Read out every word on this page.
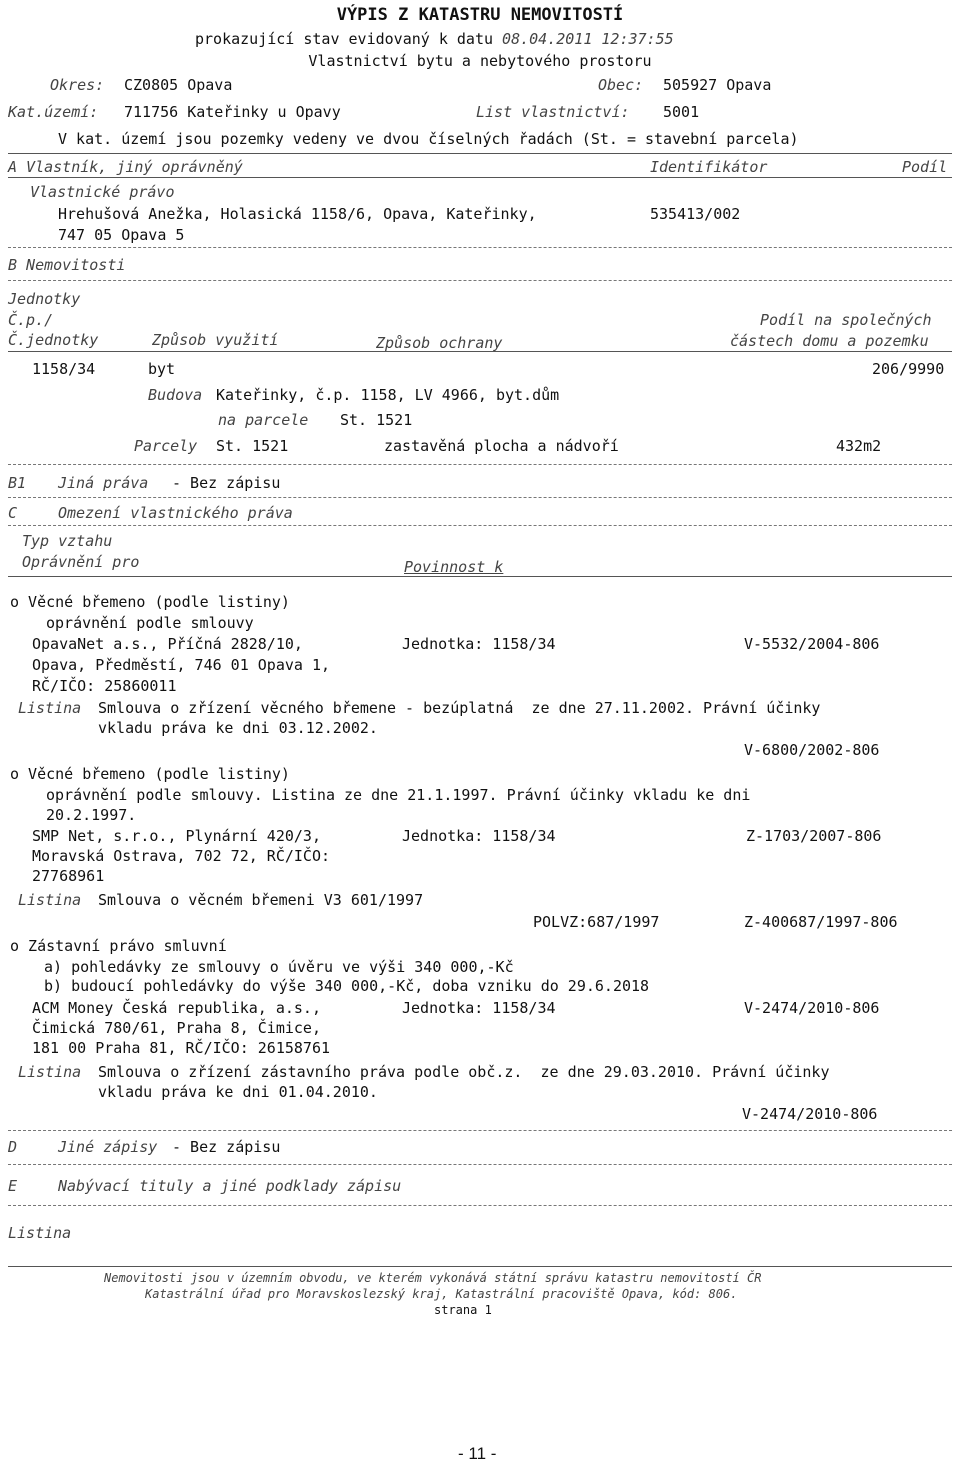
VÝPIS Z KATASTRU NEMOVITOSTÍ
prokazující stav evidovaný k datu 08.04.2011 12:37:55
Vlastnictví bytu a nebytového prostoru
Okres: CZ0805 Opava	Obec: 505927 Opava
Kat.území: 711756 Kateřinky u Opavy	List vlastnictví: 5001
V kat. území jsou pozemky vedeny ve dvou číselných řadách (St. = stavební parcela)
A Vlastník, jiný oprávněný	Identifikátor	Podíl
Vlastnické právo
Hrehušová Anežka, Holasická 1158/6, Opava, Kateřinky,
747 05 Opava 5
535413/002
B Nemovitosti
Jednotky
Č.p./
Č.jednotky	Způsob využití	Způsob ochrany
Podíl na společných
částech domu a pozemku
1158/34	byt	206/9990
Budova Kateřinky, č.p. 1158, LV 4966, byt.dům
na parcele St. 1521
Parcely St. 1521	zastavěná plocha a nádvoří	432m2
B1 Jiná práva - Bez zápisu
C	Omezení vlastnického práva
Typ vztahu
Oprávnění pro	Povinnost k
o Věcné břemeno (podle listiny)
oprávnění podle smlouvy
OpavaNet a.s., Příčná 2828/10,
Opava, Předměstí, 746 01 Opava 1,
RČ/IČO: 25860011
Jednotka: 1158/34	V-5532/2004-806
Listina Smlouva o zřízení věcného břemene - bezúplatná  ze dne 27.11.2002. Právní účinky
vkladu práva ke dni 03.12.2002.
V-6800/2002-806
o Věcné břemeno (podle listiny)
oprávnění podle smlouvy. Listina ze dne 21.1.1997. Právní účinky vkladu ke dni
20.2.1997.
SMP Net, s.r.o., Plynární 420/3,
Moravská Ostrava, 702 72, RČ/IČO:
27768961
Jednotka: 1158/34	Z-1703/2007-806
Listina Smlouva o věcném břemeni V3 601/1997
POLVZ:687/1997	Z-400687/1997-806
o Zástavní právo smluvní
a) pohledávky ze smlouvy o úvěru ve výši 340 000,-Kč
b) budoucí pohledávky do výše 340 000,-Kč, doba vzniku do 29.6.2018
ACM Money Česká republika, a.s.,
Čimická 780/61, Praha 8, Čimice,
181 00 Praha 81, RČ/IČO: 26158761
Jednotka: 1158/34	V-2474/2010-806
Listina Smlouva o zřízení zástavního práva podle obč.z.  ze dne 29.03.2010. Právní účinky
vkladu práva ke dni 01.04.2010.
V-2474/2010-806
D	Jiné zápisy - Bez zápisu
E	Nabývací tituly a jiné podklady zápisu
Listina
Nemovitosti jsou v územním obvodu, ve kterém vykonává státní správu katastru nemovitostí ČR
Katastrální úřad pro Moravskoslezský kraj, Katastrální pracoviště Opava, kód: 806.
strana 1
- 11 -
